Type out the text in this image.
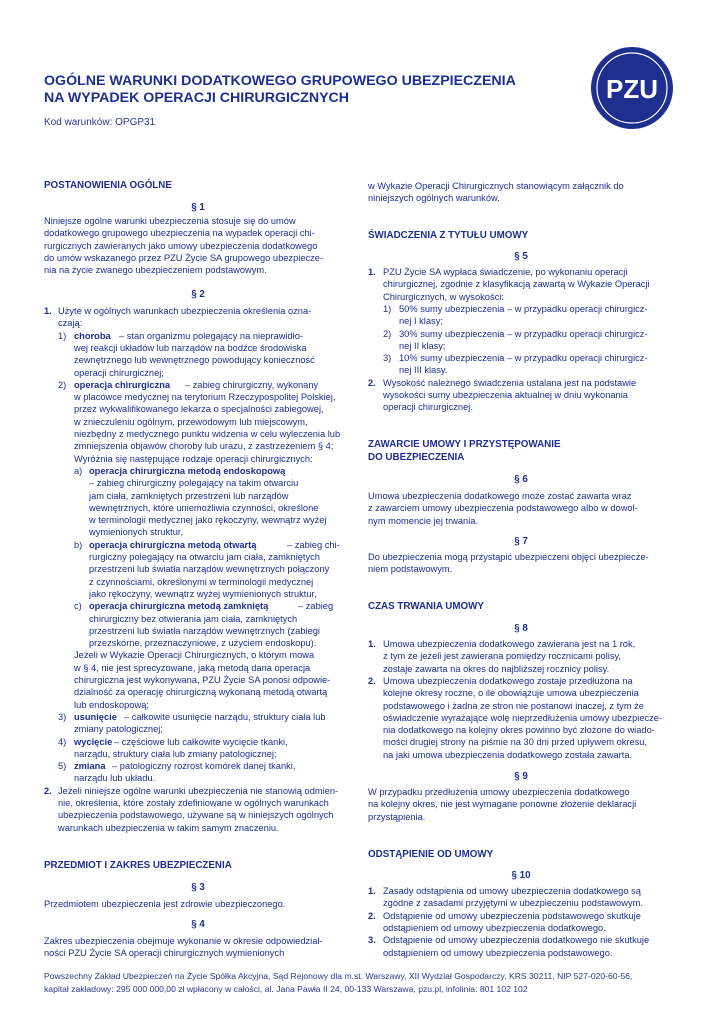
OGÓLNE WARUNKI DODATKOWEGO GRUPOWEGO UBEZPIECZENIA
NA WYPADEK OPERACJI CHIRURGICZNYCH
Kod warunków: OPGP31
PZU
POSTANOWIENIA OGÓLNE
§ 1
Niniejsze ogólne warunki ubezpieczenia stosuje się do umów
dodatkowego grupowego ubezpieczenia na wypadek operacji chi-
rurgicznych zawieranych jako umowy ubezpieczenia dodatkowego
do umów wskazanego przez PZU Życie SA grupowego ubezpiecze-
nia na życie zwanego ubezpieczeniem podstawowym.
§ 2
1. Użyte w ogólnych warunkach ubezpieczenia określenia ozna-
czają:
1) choroba – stan organizmu polegający na nieprawidło-
wej reakcji układów lub narządów na bodźce środowiska
zewnętrznego lub wewnętrznego powodujący konieczność
operacji chirurgicznej;
2) operacja chirurgiczna – zabieg chirurgiczny, wykonany
w placówce medycznej na terytorium Rzeczypospolitej Polskiej,
przez wykwalifikowanego lekarza o specjalności zabiegowej,
w znieczuleniu ogólnym, przewodowym lub miejscowym,
niezbędny z medycznego punktu widzenia w celu wyleczenia lub
zmniejszenia objawów choroby lub urazu, z zastrzeżeniem § 4;
Wyróżnia się następujące rodzaje operacji chirurgicznych:
a) operacja chirurgiczna metodą endoskopową
– zabieg chirurgiczny polegający na takim otwarciu
jam ciała, zamkniętych przestrzeni lub narządów
wewnętrznych, które uniemożliwia czynności, określone
w terminologii medycznej jako rękoczyny, wewnątrz wyżej
wymienionych struktur,
b) operacja chirurgiczna metodą otwartą	– zabieg chi-
rurgiczny polegający na otwarciu jam ciała, zamkniętych
przestrzeni lub światła narządów wewnętrznych połączony
z czynnościami, określonymi w terminologii medycznej
jako rękoczyny, wewnątrz wyżej wymienionych struktur,
c) operacja chirurgiczna metodą zamkniętą	– zabieg
chirurgiczny bez otwierania jam ciała, zamkniętych
przestrzeni lub światła narządów wewnętrznych (zabiegi
przezskórne, przeznaczyniowe, z użyciem endoskopu).
Jeżeli w Wykazie Operacji Chirurgicznych, o którym mowa
w § 4, nie jest sprecyzowane, jaką metodą dana operacja
chirurgiczna jest wykonywana, PZU Życie SA ponosi odpowie-
dzialność za operację chirurgiczną wykonaną metodą otwartą
lub endoskopową;
3) usunięcie – całkowite usunięcie narządu, struktury ciała lub
zmiany patologicznej;
4) wycięcie – częściowe lub całkowite wycięcie tkanki,
narządu, struktury ciała lub zmiany patologicznej;
5) zmiana – patologiczny rozrost komórek danej tkanki,
narządu lub układu.
2. Jeżeli niniejsze ogólne warunki ubezpieczenia nie stanowią odmien-
nie, określenia, które zostały zdefiniowane w ogólnych warunkach
ubezpieczenia podstawowego, używane są w niniejszych ogólnych
warunkach ubezpieczenia w takim samym znaczeniu.
PRZEDMIOT I ZAKRES UBEZPIECZENIA
§ 3
Przedmiotem ubezpieczenia jest zdrowie ubezpieczonego.
§ 4
Zakres ubezpieczenia obejmuje wykonanie w okresie odpowiedzial-
ności PZU Życie SA operacji chirurgicznych wymienionych
w Wykazie Operacji Chirurgicznych stanowiącym załącznik do
niniejszych ogólnych warunków.
ŚWIADCZENIA Z TYTUŁU UMOWY
§ 5
1. PZU Życie SA wypłaca świadczenie, po wykonaniu operacji
chirurgicznej, zgodnie z klasyfikacją zawartą w Wykazie Operacji
Chirurgicznych, w wysokości:
1) 50% sumy ubezpieczenia – w przypadku operacji chirurgicz-
nej I klasy;
2) 30% sumy ubezpieczenia – w przypadku operacji chirurgicz-
nej II klasy;
3) 10% sumy ubezpieczenia – w przypadku operacji chirurgicz-
nej III klasy.
2. Wysokość należnego świadczenia ustalana jest na podstawie
wysokości sumy ubezpieczenia aktualnej w dniu wykonania
operacji chirurgicznej.
ZAWARCIE UMOWY I PRZYSTĘPOWANIE
DO UBEZPIECZENIA
§ 6
Umowa ubezpieczenia dodatkowego może zostać zawarta wraz
z zawarciem umowy ubezpieczenia podstawowego albo w dowol-
nym momencie jej trwania.
§ 7
Do ubezpieczenia mogą przystąpić ubezpieczeni objęci ubezpiecze-
niem podstawowym.
CZAS TRWANIA UMOWY
§ 8
1. Umowa ubezpieczenia dodatkowego zawierana jest na 1 rok,
z tym że jeżeli jest zawierana pomiędzy rocznicami polisy,
zostaje zawarta na okres do najbliższej rocznicy polisy.
2. Umowa ubezpieczenia dodatkowego zostaje przedłużona na
kolejne okresy roczne, o ile obowiązuje umowa ubezpieczenia
podstawowego i żadna ze stron nie postanowi inaczej, z tym że
oświadczenie wyrażające wolę nieprzedłużenia umowy ubezpiecze-
nia dodatkowego na kolejny okres powinno być złożone do wiado-
mości drugiej strony na piśmie na 30 dni przed upływem okresu,
na jaki umowa ubezpieczenia dodatkowego została zawarta.
§ 9
W przypadku przedłużenia umowy ubezpieczenia dodatkowego
na kolejny okres, nie jest wymagane ponowne złożenie deklaracji
przystąpienia.
ODSTĄPIENIE OD UMOWY
§ 10
1. Zasady odstąpienia od umowy ubezpieczenia dodatkowego są
zgodne z zasadami przyjętymi w ubezpieczeniu podstawowym.
2. Odstąpienie od umowy ubezpieczenia podstawowego skutkuje
odstąpieniem od umowy ubezpieczenia dodatkowego.
3. Odstąpienie od umowy ubezpieczenia dodatkowego nie skutkuje
odstąpieniem od umowy ubezpieczenia podstawowego.
Powszechny Zakład Ubezpieczeń na Życie Spółka Akcyjna, Sąd Rejonowy dla m.st. Warszawy, XII Wydział Gospodarczy, KRS 30211, NIP 527-020-60-56,
kapitał zakładowy: 295 000 000,00 zł wpłacony w całości, al. Jana Pawła II 24, 00-133 Warszawa, pzu.pl, infolinia: 801 102 102
